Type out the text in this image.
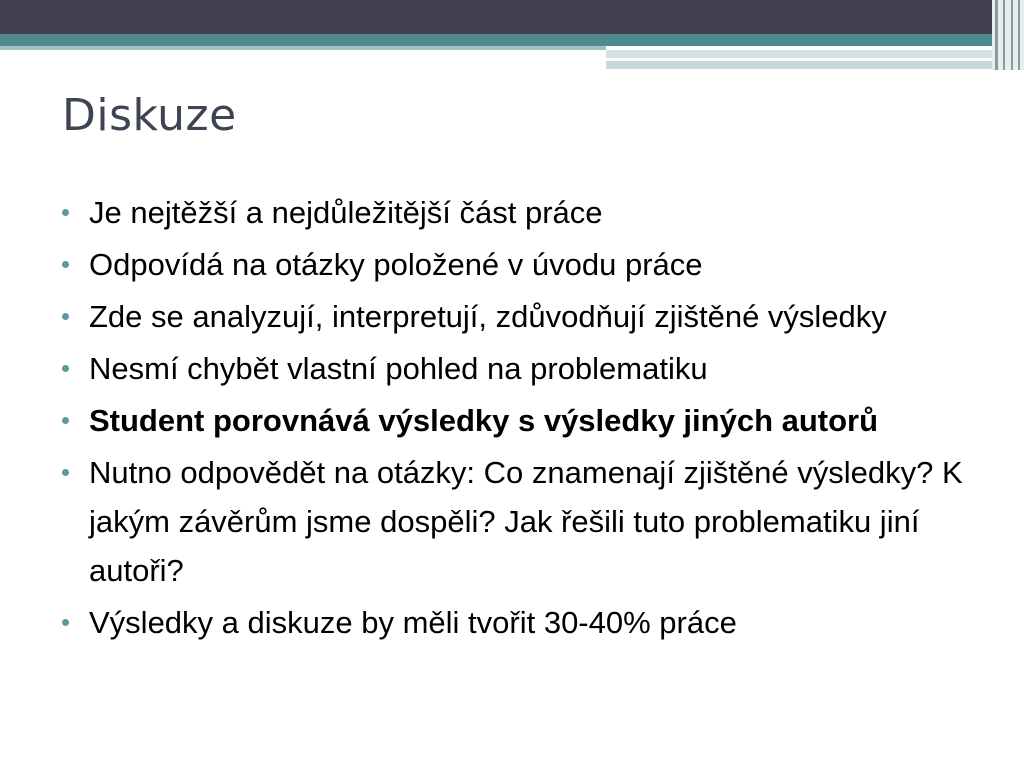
Diskuze
Je nejtěžší a nejdůležitější část práce
Odpovídá na otázky položené v úvodu práce
Zde se analyzují, interpretují, zdůvodňují zjištěné výsledky
Nesmí chybět vlastní pohled na problematiku
Student porovnává výsledky s výsledky jiných autorů
Nutno odpovědět na otázky: Co znamenají zjištěné výsledky? K jakým závěrům jsme dospěli? Jak řešili tuto problematiku jiní autoři?
Výsledky a diskuze by měli tvořit 30-40% práce
